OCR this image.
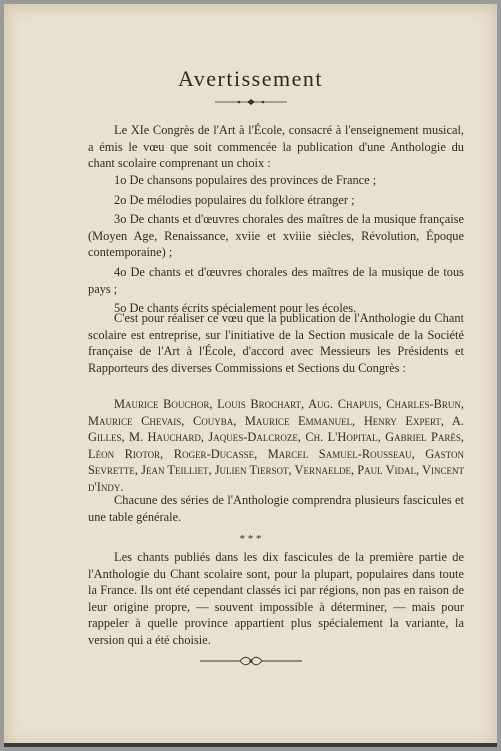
Avertissement

Le XIe Congrès de l'Art à l'École, consacré à l'enseignement musical, a émis le vœu que soit commencée la publication d'une Anthologie du chant scolaire comprenant un choix :

1o De chansons populaires des provinces de France ;

2o De mélodies populaires du folklore étranger ;

3o De chants et d'œuvres chorales des maîtres de la musique française (Moyen Age, Renaissance, xviie et xviiie siècles, Révolution, Époque contemporaine) ;

4o De chants et d'œuvres chorales des maîtres de la musique de tous pays ;

5o De chants écrits spécialement pour les écoles.

C'est pour réaliser ce vœu que la publication de l'Anthologie du Chant scolaire est entreprise, sur l'initiative de la Section musicale de la Société française de l'Art à l'École, d'accord avec Messieurs les Présidents et Rapporteurs des diverses Commissions et Sections du Congrès :

Maurice Bouchor, Louis Brochart, Aug. Chapuis, Charles-Brun, Maurice Chevais, Couyba, Maurice Emmanuel, Henry Expert, A. Gilles, M. Hauchard, Jaques-Dalcroze, Ch. L'Hopital, Gabriel Parès, Léon Riotor, Roger-Ducasse, Marcel Samuel-Rousseau, Gaston Sevrette, Jean Teilliet, Julien Tiersot, Vernaelde, Paul Vidal, Vincent d'Indy.

Chacune des séries de l'Anthologie comprendra plusieurs fascicules et une table générale.

* * *

Les chants publiés dans les dix fascicules de la première partie de l'Anthologie du Chant scolaire sont, pour la plupart, populaires dans toute la France. Ils ont été cependant classés ici par régions, non pas en raison de leur origine propre, — souvent impossible à déterminer, — mais pour rappeler à quelle province appartient plus spécialement la variante, la version qui a été choisie.
